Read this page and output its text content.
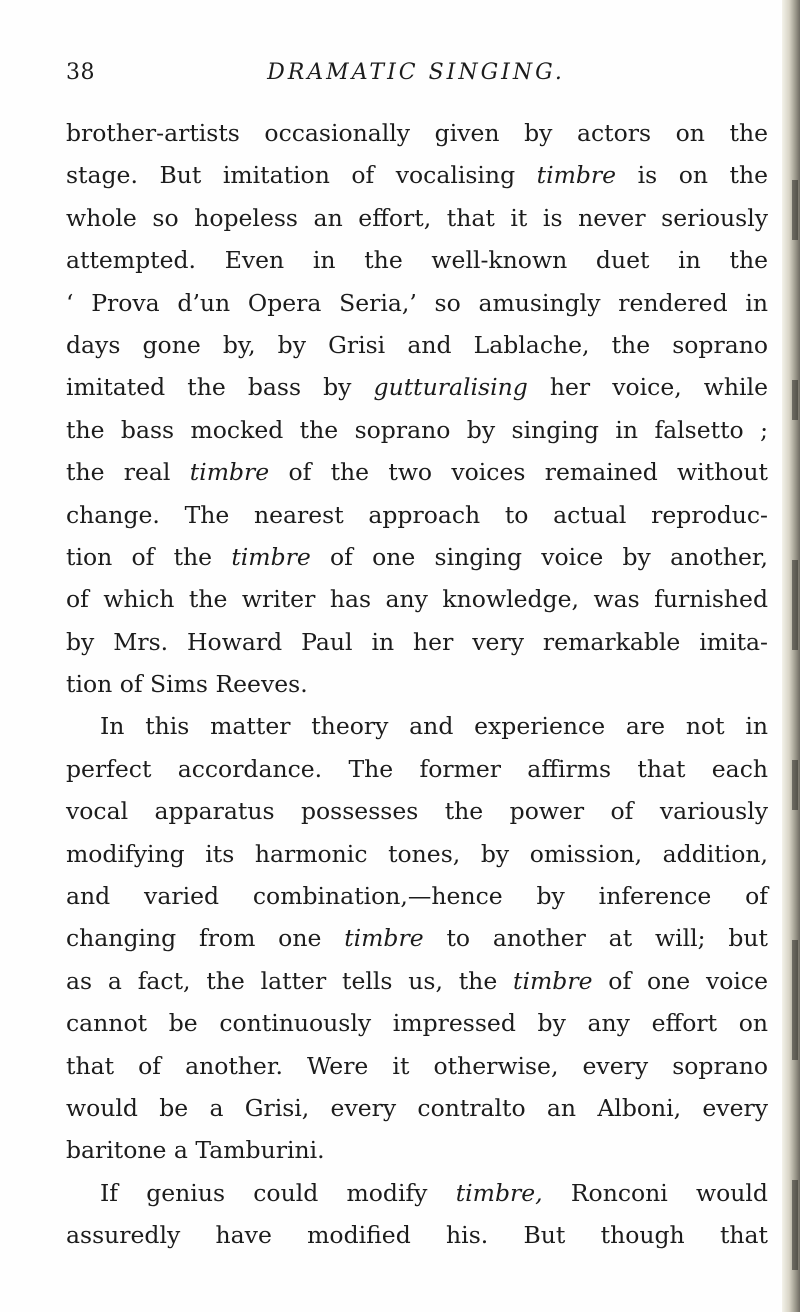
38	DRAMATIC SINGING.
brother-artists occasionally given by actors on the
stage. But imitation of vocalising timbre is on the
whole so hopeless an effort, that it is never seriously
attempted. Even in the well-known duet in the
‘ Prova d’un Opera Seria,’ so amusingly rendered in
days gone by, by Grisi and Lablache, the soprano
imitated the bass by gutturalising her voice, while
the bass mocked the soprano by singing in falsetto ;
the real timbre of the two voices remained without
change. The nearest approach to actual reproduc-
tion of the timbre of one singing voice by another,
of which the writer has any knowledge, was furnished
by Mrs. Howard Paul in her very remarkable imita-
tion of Sims Reeves.
In this matter theory and experience are not in
perfect accordance. The former affirms that each
vocal apparatus possesses the power of variously
modifying its harmonic tones, by omission, addition,
and varied combination,—hence by inference of
changing from one timbre to another at will; but
as a fact, the latter tells us, the timbre of one voice
cannot be continuously impressed by any effort on
that of another. Were it otherwise, every soprano
would be a Grisi, every contralto an Alboni, every
baritone a Tamburini.
If genius could modify timbre, Ronconi would
assuredly have modified his. But though that
